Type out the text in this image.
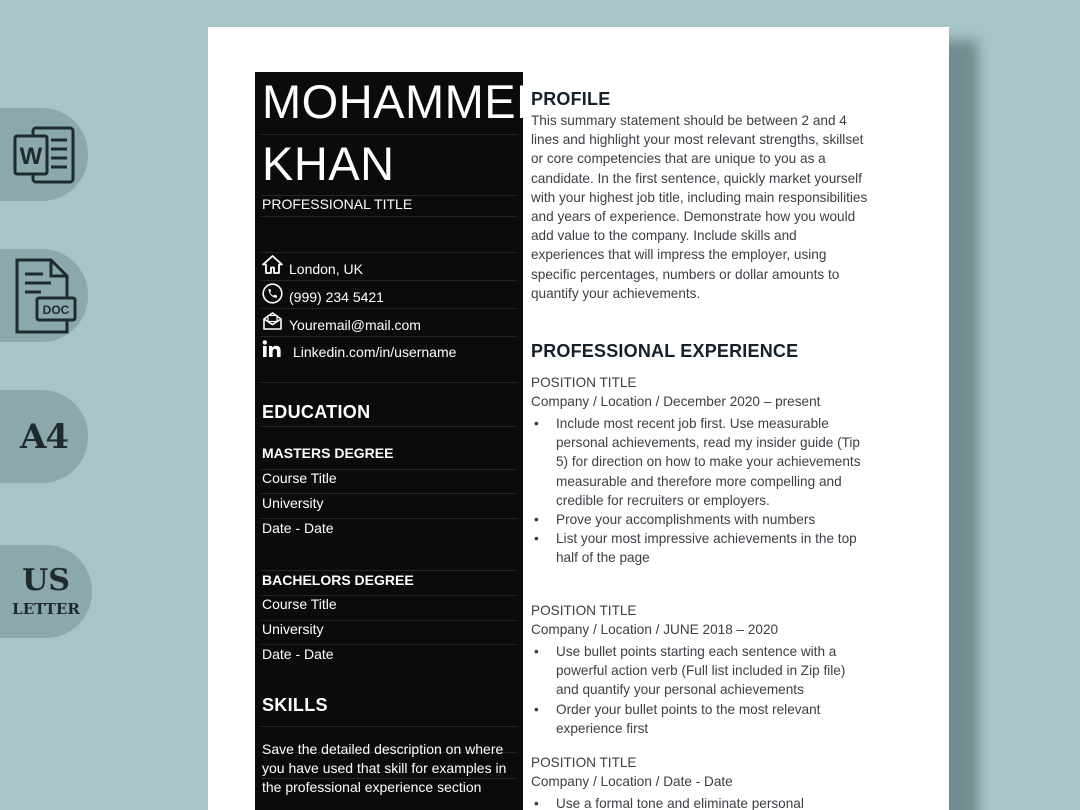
W
DOC
A4
US
LETTER
MOHAMMED
KHAN
PROFESSIONAL TITLE
London, UK
(999) 234 5421
Youremail@mail.com
Linkedin.com/in/username
EDUCATION
MASTERS DEGREE
Course Title
University
Date - Date
BACHELORS DEGREE
Course Title
University
Date - Date
SKILLS
Save the detailed description on where you have used that skill for examples in the professional experience section
PROFILE
This summary statement should be between 2 and 4 lines and highlight your most relevant strengths, skillset or core competencies that are unique to you as a candidate. In the first sentence, quickly market yourself with your highest job title, including main responsibilities and years of experience. Demonstrate how you would add value to the company. Include skills and experiences that will impress the employer, using specific percentages, numbers or dollar amounts to quantify your achievements.
PROFESSIONAL EXPERIENCE
POSITION TITLE
Company / Location / December 2020 – present
• Include most recent job first. Use measurable personal achievements, read my insider guide (Tip 5) for direction on how to make your achievements measurable and therefore more compelling and credible for recruiters or employers.
• Prove your accomplishments with numbers
• List your most impressive achievements in the top half of the page
POSITION TITLE
Company / Location / JUNE 2018 – 2020
• Use bullet points starting each sentence with a powerful action verb (Full list included in Zip file) and quantify your personal achievements
• Order your bullet points to the most relevant experience first
POSITION TITLE
Company / Location / Date - Date
• Use a formal tone and eliminate personal
